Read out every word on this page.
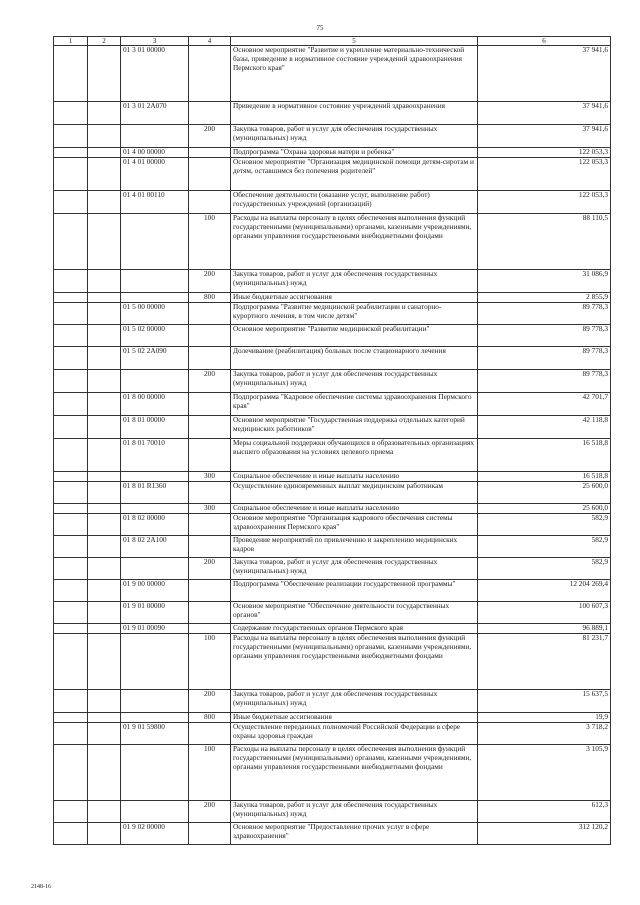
75
1	2	3	4	5	6
		01 3 01 00000		Основное мероприятие "Развитие и укрепление материально-технической базы, приведение в нормативное состояние учреждений здравоохранения Пермского края"	37 941,6
		01 3 01 2А070		Приведение в нормативное состояние учреждений здравоохранения	37 941,6
			200	Закупка товаров, работ и услуг для обеспечения государственных (муниципальных) нужд	37 941,6
		01 4 00 00000		Подпрограмма "Охрана здоровья матери и ребенка"	122 053,3
		01 4 01 00000		Основное мероприятие "Организация медицинской помощи детям-сиротам и детям, оставшимся без попечения родителей"	122 053,3
		01 4 01 00110		Обеспечение деятельности (оказание услуг, выполнение работ) государственных учреждений (организаций)	122 053,3
			100	Расходы на выплаты персоналу в целях обеспечения выполнения функций государственными (муниципальными) органами, казенными учреждениями, органами управления государственными внебюджетными фондами	88 110,5
			200	Закупка товаров, работ и услуг для обеспечения государственных (муниципальных) нужд	31 086,9
			800	Иные бюджетные ассигнования	2 855,9
		01 5 00 00000		Подпрограмма "Развитие медицинской реабилитации и санаторно-курортного лечения, в том числе детям"	89 778,3
		01 5 02 00000		Основное мероприятие "Развитие медицинской реабилитации"	89 778,3
		01 5 02 2А090		Долечивание (реабилитация) больных после стационарного лечения	89 778,3
			200	Закупка товаров, работ и услуг для обеспечения государственных (муниципальных) нужд	89 778,3
		01 8 00 00000		Подпрограмма "Кадровое обеспечение системы здравоохранения Пермского края"	42 701,7
		01 8 01 00000		Основное мероприятие "Государственная поддержка отдельных категорий медицинских работников"	42 118,8
		01 8 01 70010		Меры социальной поддержки обучающихся в образовательных организациях высшего образования на условиях целевого приема	16 518,8
			300	Социальное обеспечение и иные выплаты населению	16 518,8
		01 8 01 R1360		Осуществление единовременных выплат медицинским работникам	25 600,0
			300	Социальное обеспечение и иные выплаты населению	25 600,0
		01 8 02 00000		Основное мероприятие "Организация кадрового обеспечения системы здравоохранения Пермского края"	582,9
		01 8 02 2А100		Проведение мероприятий по привлечению и закреплению медицинских кадров	582,9
			200	Закупка товаров, работ и услуг для обеспечения государственных (муниципальных) нужд	582,9
		01 9 00 00000		Подпрограмма "Обеспечение реализации государственной программы"	12 204 269,4
		01 9 01 00000		Основное мероприятие "Обеспечение деятельности государственных органов"	100 607,3
		01 9 01 00090		Содержание государственных органов Пермского края	96 889,1
			100	Расходы на выплаты персоналу в целях обеспечения выполнения функций государственными (муниципальными) органами, казенными учреждениями, органами управления государственными внебюджетными фондами	81 231,7
			200	Закупка товаров, работ и услуг для обеспечения государственных (муниципальных) нужд	15 637,5
			800	Иные бюджетные ассигнования	19,9
		01 9 01 59800		Осуществление переданных полномочий Российской Федерации в сфере охраны здоровья граждан	3 718,2
			100	Расходы на выплаты персоналу в целях обеспечения выполнения функций государственными (муниципальными) органами, казенными учреждениями, органами управления государственными внебюджетными фондами	3 105,9
			200	Закупка товаров, работ и услуг для обеспечения государственных (муниципальных) нужд	612,3
		01 9 02 00000		Основное мероприятие "Предоставление прочих услуг в сфере здравоохранения"	312 120,2
2148-16
